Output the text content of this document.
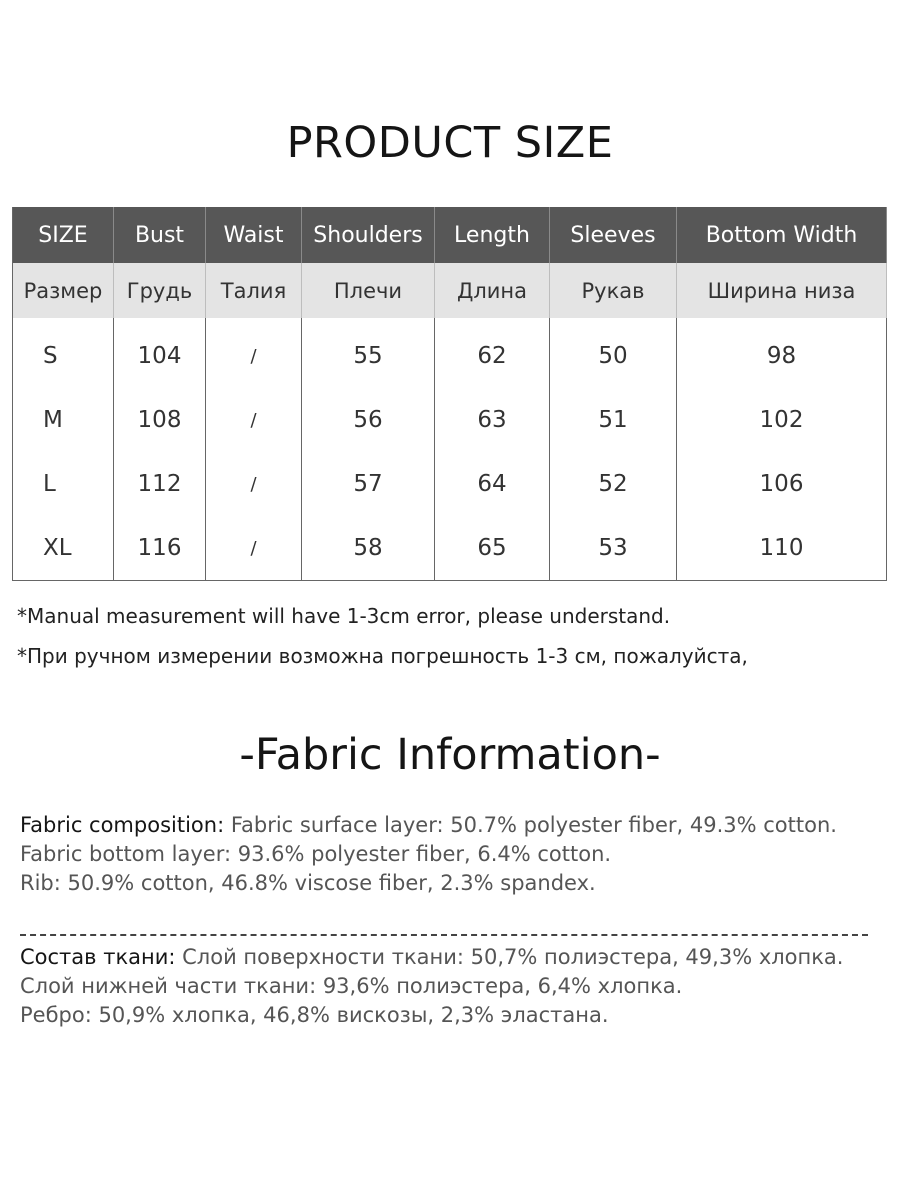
PRODUCT SIZE
SIZE	Bust	Waist	Shoulders	Length	Sleeves	Bottom Width
Размер	Грудь	Талия	Плечи	Длина	Рукав	Ширина низа
S	104	/	55	62	50	98
M	108	/	56	63	51	102
L	112	/	57	64	52	106
XL	116	/	58	65	53	110
*Manual measurement will have 1-3cm error, please understand.
*При ручном измерении возможна погрешность 1-3 см, пожалуйста,
-Fabric Information-
Fabric composition: Fabric surface layer: 50.7% polyester fiber, 49.3% cotton.
Fabric bottom layer: 93.6% polyester fiber, 6.4% cotton.
Rib: 50.9% cotton, 46.8% viscose fiber, 2.3% spandex.
Состав ткани: Слой поверхности ткани: 50,7% полиэстера, 49,3% хлопка.
Слой нижней части ткани: 93,6% полиэстера, 6,4% хлопка.
Ребро: 50,9% хлопка, 46,8% вискозы, 2,3% эластана.
